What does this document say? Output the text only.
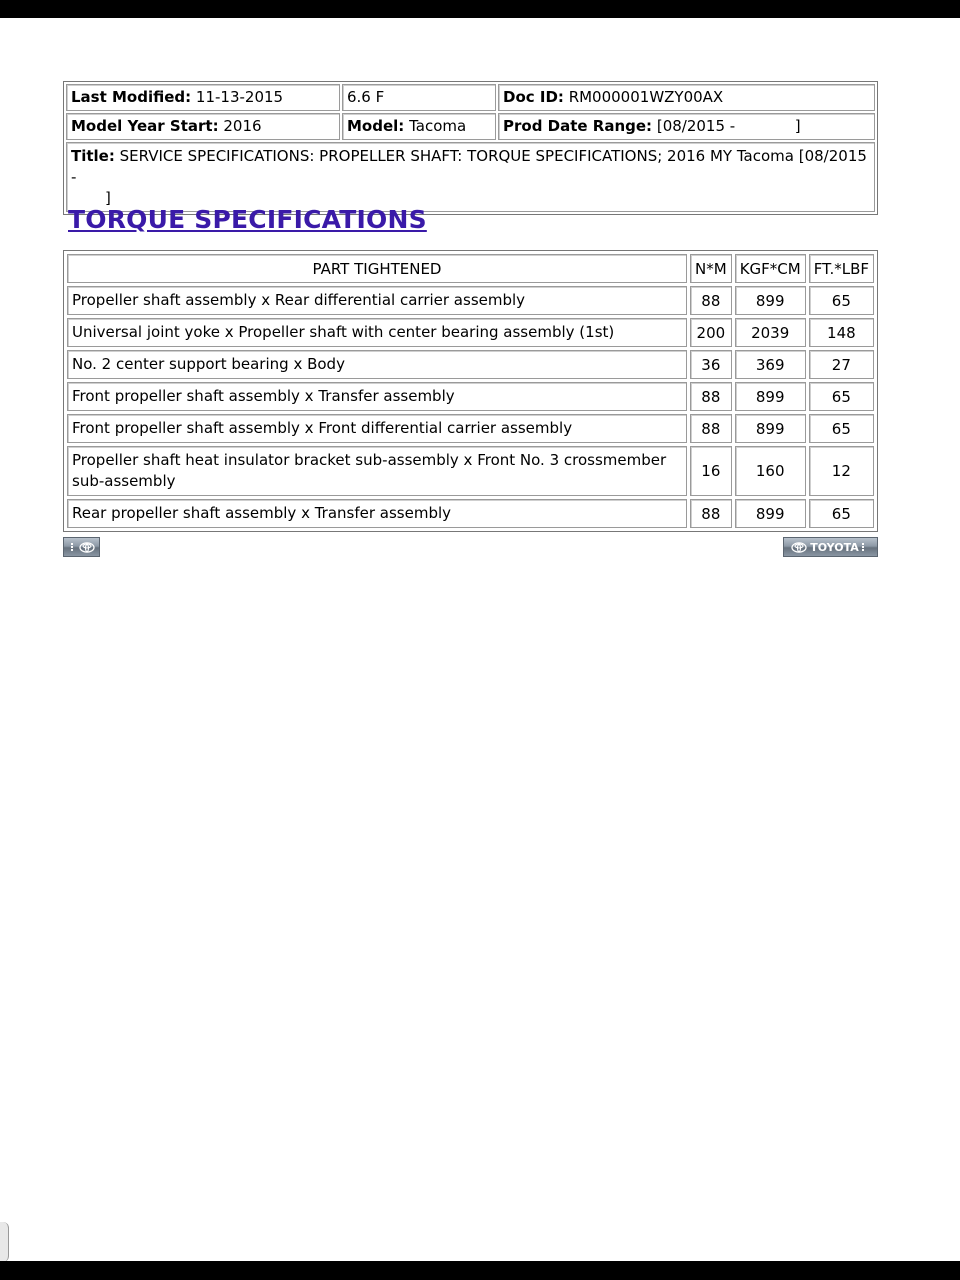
Last Modified: 11-13-2015	6.6 F	Doc ID: RM000001WZY00AX
Model Year Start: 2016	Model: Tacoma	Prod Date Range: [08/2015 - ]
Title: SERVICE SPECIFICATIONS: PROPELLER SHAFT: TORQUE SPECIFICATIONS; 2016 MY Tacoma [08/2015 -
]		
TORQUE SPECIFICATIONS
PART TIGHTENED	N*M	KGF*CM	FT.*LBF
Propeller shaft assembly x Rear differential carrier assembly	88	899	65
Universal joint yoke x Propeller shaft with center bearing assembly (1st)	200	2039	148
No. 2 center support bearing x Body	36	369	27
Front propeller shaft assembly x Transfer assembly	88	899	65
Front propeller shaft assembly x Front differential carrier assembly	88	899	65
Propeller shaft heat insulator bracket sub-assembly x Front No. 3 crossmember sub-assembly	16	160	12
Rear propeller shaft assembly x Transfer assembly	88	899	65
TOYOTA
